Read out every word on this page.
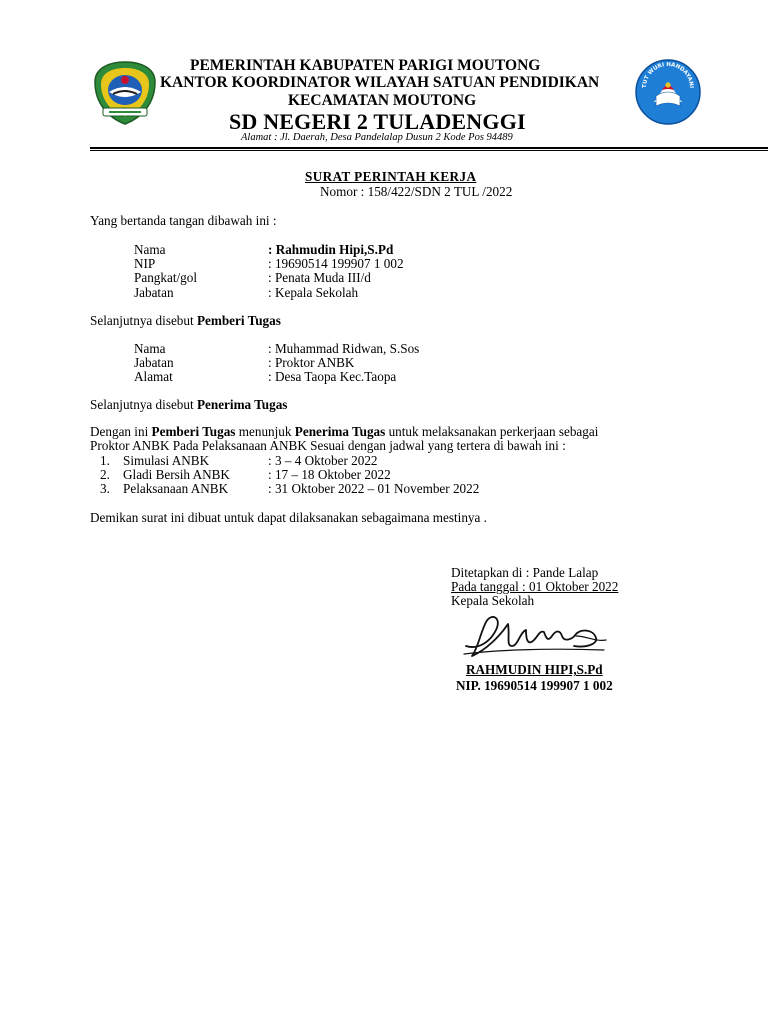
TUT WURI HANDAYANI
PEMERINTAH KABUPATEN PARIGI MOUTONG
KANTOR KOORDINATOR WILAYAH SATUAN PENDIDIKAN
KECAMATAN MOUTONG
SD NEGERI 2 TULADENGGI
Alamat : Jl. Daerah, Desa Pandelalap Dusun 2 Kode Pos 94489
SURAT PERINTAH KERJA
Nomor : 158/422/SDN 2 TUL /2022
Yang bertanda tangan dibawah ini :
Nama	: Rahmudin Hipi,S.Pd
NIP	: 19690514 199907 1 002
Pangkat/gol	: Penata Muda III/d
Jabatan	: Kepala Sekolah
Selanjutnya disebut Pemberi Tugas
Nama	: Muhammad Ridwan, S.Sos
Jabatan	: Proktor ANBK
Alamat	: Desa Taopa Kec.Taopa
Selanjutnya disebut Penerima Tugas
Dengan ini Pemberi Tugas menunjuk Penerima Tugas untuk melaksanakan perkerjaan sebagai
Proktor ANBK Pada Pelaksanaan ANBK Sesuai dengan jadwal yang tertera di bawah ini :
1. Simulasi ANBK	: 3 – 4 Oktober 2022
2. Gladi Bersih ANBK	: 17 – 18 Oktober 2022
3. Pelaksanaan ANBK	: 31 Oktober 2022 – 01 November 2022
Demikan surat ini dibuat untuk dapat dilaksanakan sebagaimana mestinya .
Ditetapkan di : Pande Lalap
Pada tanggal : 01 Oktober 2022
Kepala Sekolah
RAHMUDIN HIPI,S.Pd
NIP. 19690514 199907 1 002
